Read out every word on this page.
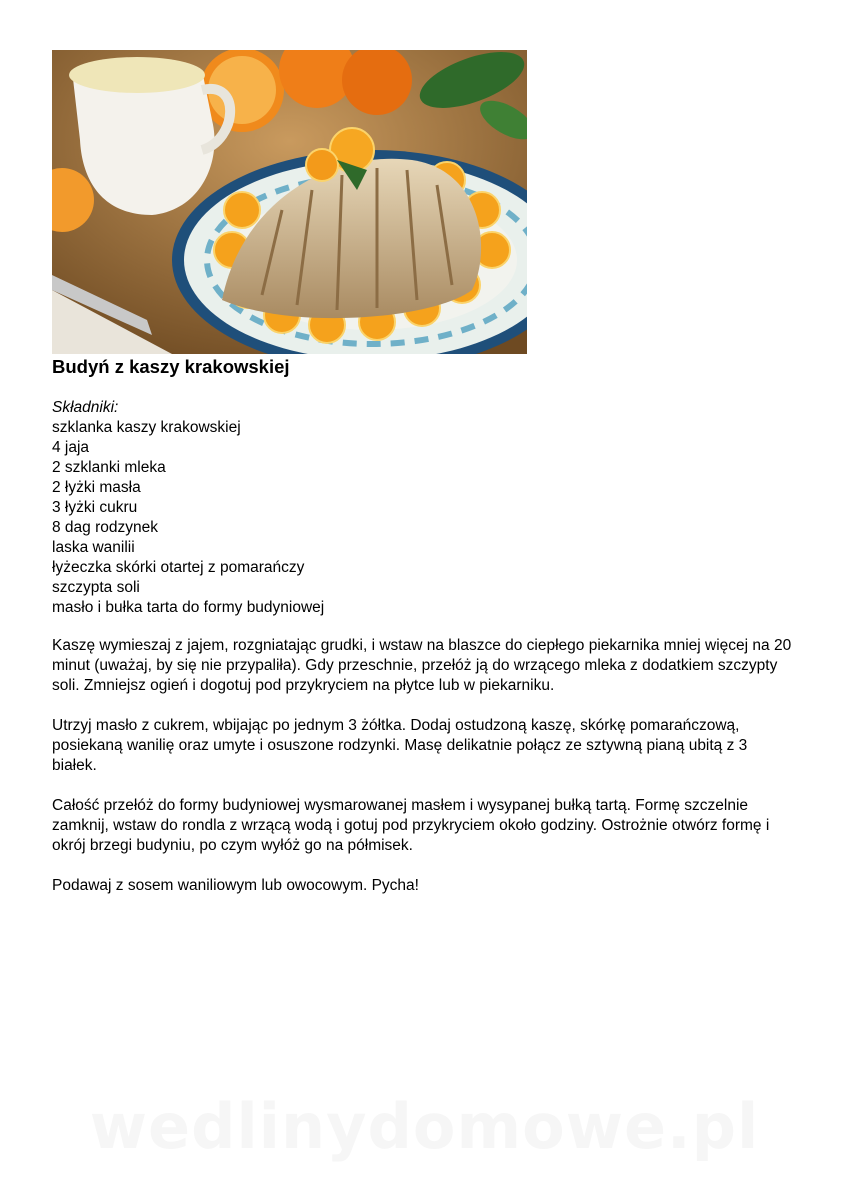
Budyń z kaszy krakowskiej
Składniki:
szklanka kaszy krakowskiej
4 jaja
2 szklanki mleka
2 łyżki masła
3 łyżki cukru
8 dag rodzynek
laska wanilii
łyżeczka skórki otartej z pomarańczy
szczypta soli
masło i bułka tarta do formy budyniowej

Kaszę wymieszaj z jajem, rozgniatając grudki, i wstaw na blaszce do ciepłego piekarnika mniej więcej na 20 minut (uważaj, by się nie przypaliła). Gdy przeschnie, przełóż ją do wrzącego mleka z dodatkiem szczypty soli. Zmniejsz ogień i dogotuj pod przykryciem na płytce lub w piekarniku.

Utrzyj masło z cukrem, wbijając po jednym 3 żółtka. Dodaj ostudzoną kaszę, skórkę pomarańczową, posiekaną wanilię oraz umyte i osuszone rodzynki. Masę delikatnie połącz ze sztywną pianą ubitą z 3 białek.

Całość przełóż do formy budyniowej wysmarowanej masłem i wysypanej bułką tartą. Formę szczelnie zamknij, wstaw do rondla z wrzącą wodą i gotuj pod przykryciem około godziny. Ostrożnie otwórz formę i okrój brzegi budyniu, po czym wyłóż go na półmisek.

Podawaj z sosem waniliowym lub owocowym. Pycha!

wedlinydomowe.pl
